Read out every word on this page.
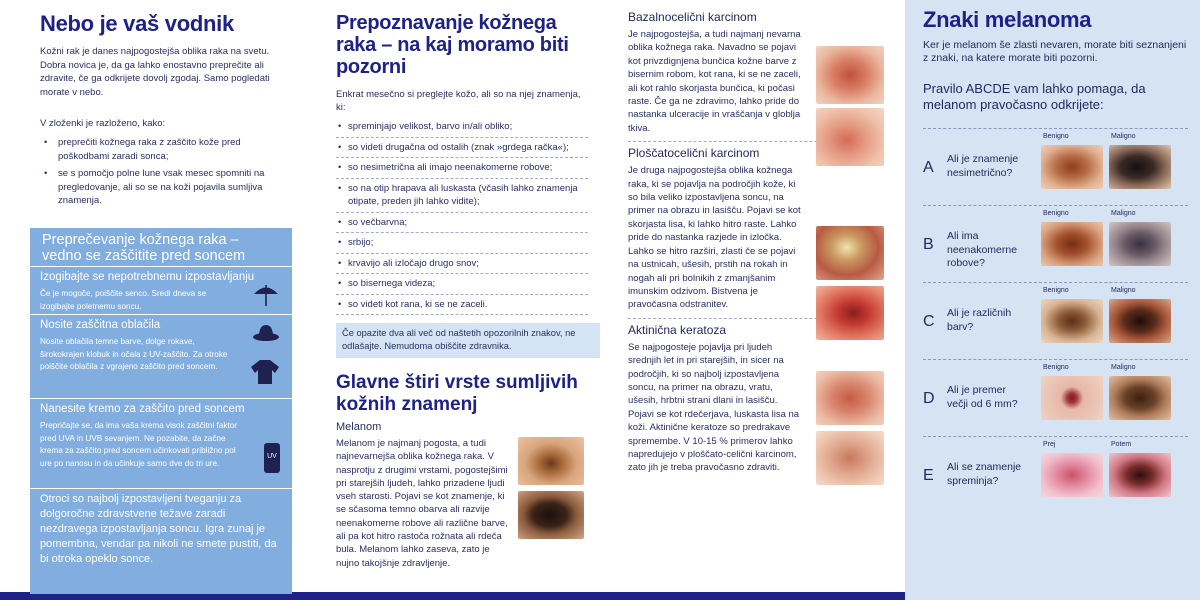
Nebo je vaš vodnik

Kožni rak je danes najpogostejša oblika raka na svetu. Dobra novica je, da ga lahko enostavno preprečite ali zdravite, če ga odkrijete dovolj zgodaj. Samo pogledati morate v nebo.

V zloženki je razloženo, kako:

• preprečiti kožnega raka z zaščito kože pred poškodbami zaradi sonca;
• se s pomočjo polne lune vsak mesec spomniti na pregledovanje, ali so se na koži pojavila sumljiva znamenja.
Preprečevanje kožnega raka – vedno se zaščitite pred soncem
Izogibajte se nepotrebnemu izpostavljanju
Če je mogoče, poiščite senco. Sredi dneva se izogibajte poletnemu soncu.
Nosite zaščitna oblačila
Nosite oblačila temne barve, dolge rokave, širokokrajen klobuk in očala z UV-zaščito. Za otroke poiščite oblačila z vgrajeno zaščito pred soncem.
Nanesite kremo za zaščito pred soncem
Prepričajte se, da ima vaša krema visok zaščitni faktor pred UVA in UVB sevanjem. Ne pozabite, da začne krema za zaščito pred soncem učinkovati približno pol ure po nanosu in da učinkuje samo dve do tri ure.
UV
Otroci so najbolj izpostavljeni tveganju za dolgoročne zdravstvene težave zaradi nezdravega izpostavljanja soncu. Igra zunaj je pomembna, vendar pa nikoli ne smete pustiti, da bi otroka opeklo sonce.
Prepoznavanje kožnega raka – na kaj moramo biti pozorni

Enkrat mesečno si preglejte kožo, ali so na njej znamenja, ki:

• spreminjajo velikost, barvo in/ali obliko;
• so videti drugačna od ostalih (znak »grdega račka«);
• so nesimetrična ali imajo neenakomerne robove;
• so na otip hrapava ali luskasta (včasih lahko znamenja otipate, preden jih lahko vidite);
• so večbarvna;
• srbijo;
• krvavijo ali izločajo drugo snov;
• so bisernega videza;
• so videti kot rana, ki se ne zaceli.
Če opazite dva ali več od naštetih opozorilnih znakov, ne odlašajte. Nemudoma obiščite zdravnika.
Glavne štiri vrste sumljivih kožnih znamenj
Melanom

Melanom je najmanj pogosta, a tudi najnevarnejša oblika kožnega raka. V nasprotju z drugimi vrstami, pogostejšimi pri starejših ljudeh, lahko prizadene ljudi vseh starosti. Pojavi se kot znamenje, ki se sčasoma temno obarva ali razvije neenakomerne robove ali različne barve, ali pa kot hitro rastoča rožnata ali rdeča bula. Melanom lahko zaseva, zato je nujno takojšnje zdravljenje.

Bazalnocelični karcinom

Je najpogostejša, a tudi najmanj nevarna oblika kožnega raka. Navadno se pojavi kot privzdignjena bunčica kožne barve z bisernim robom, kot rana, ki se ne zaceli, ali kot rahlo skorjasta bunčica, ki počasi raste. Če ga ne zdravimo, lahko pride do nastanka ulceracije in vraščanja v globlja tkiva.

Ploščatocelični karcinom

Je druga najpogostejša oblika kožnega raka, ki se pojavlja na področjih kože, ki so bila veliko izpostavljena soncu, na primer na obrazu in lasišču. Pojavi se kot skorjasta lisa, ki lahko hitro raste. Lahko pride do nastanka razjede in izločka. Lahko se hitro razširi, zlasti če se pojavi na ustnicah, ušesih, prstih na rokah in nogah ali pri bolnikih z zmanjšanim imunskim odzivom. Bistvena je pravočasna odstranitev.

Aktinična keratoza

Se najpogosteje pojavlja pri ljudeh srednjih let in pri starejših, in sicer na področjih, ki so najbolj izpostavljena soncu, na primer na obrazu, vratu, ušesih, hrbtni strani dlani in lasišču. Pojavi se kot rdečerjava, luskasta lisa na koži. Aktinične keratoze so predrakave spremembe. V 10-15 % primerov lahko napredujejo v ploščato-celični karcinom, zato jih je treba pravočasno zdraviti.

Znaki melanoma

Ker je melanom še zlasti nevaren, morate biti seznanjeni z znaki, na katere morate biti pozorni.

Pravilo ABCDE vam lahko pomaga, da melanom pravočasno odkrijete:

A Ali je znamenje nesimetrično?
Benigno	Maligno
B Ali ima neenakomerne robove?
Benigno	Maligno
C Ali je različnih barv?
Benigno	Maligno
D Ali je premer večji od 6 mm?
Benigno	Maligno
E Ali se znamenje spreminja?
Prej	Potem
